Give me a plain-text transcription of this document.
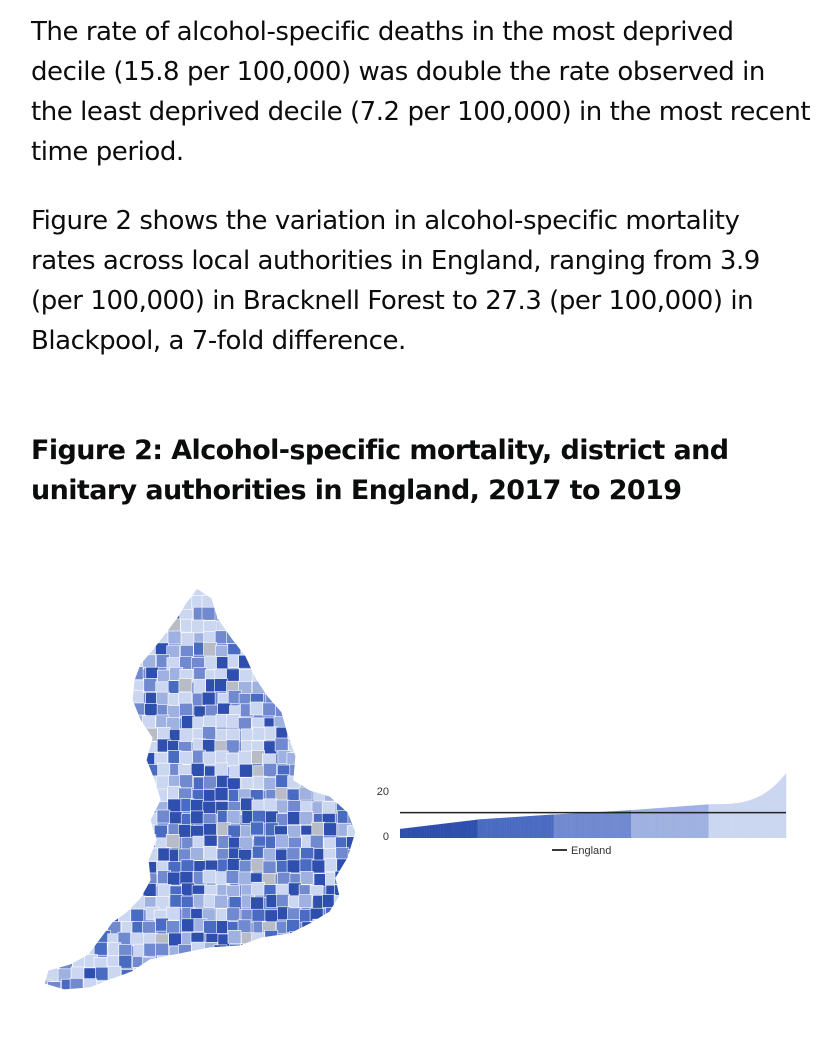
The rate of alcohol-specific deaths in the most deprived decile (15.8 per 100,000) was double the rate observed in the least deprived decile (7.2 per 100,000) in the most recent time period.

Figure 2 shows the variation in alcohol-specific mortality rates across local authorities in England, ranging from 3.9 (per 100,000) in Bracknell Forest to 27.3 (per 100,000) in Blackpool, a 7-fold difference.

Figure 2: Alcohol-specific mortality, district and unitary authorities in England, 2017 to 2019
20
0
England
